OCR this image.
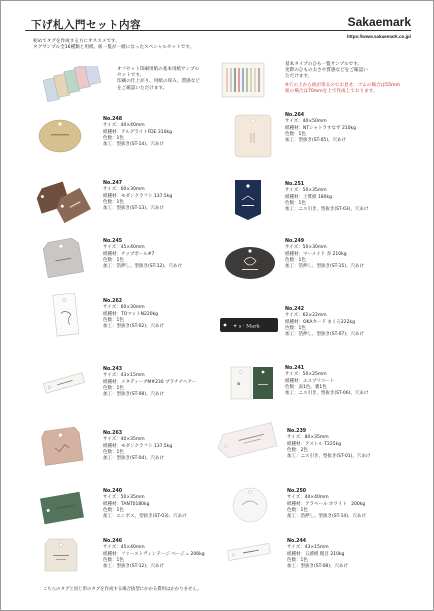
下げ札入門セット内容	Sakaemark
https://www.sakaemark.co.jp/
初めてタグを作成する方にオススメです。
タグサンプル全16種類と用紙、紐一覧が一緒になったスペシャルセットです。
オフセット印刷用紙の基本用紙サンプル
セットです。
印刷の仕上がり、用紙の厚み、質感など
をご確認いただけます。
基本タイプのひも一覧サンプルです。
実際のひもの太さや質感などをご確認い
ただけます。
※穴の上から紐が余るのでお見せ、ゴムの場合は55mm
紐の場合は70mmを上で作成しております。
No.248
サイズ：40×40mm
紙種材：アルグライトFDE 310kg
色数：1色
加工：型抜き(ST-14)、穴あけ
No.264
サイズ：40×50mm
紙種材：NTシャトラすなず 210kg
色数：1色
加工：型抜き(ST-05)、穴あけ
No.247
サイズ：60×30mm
紙種材：モダンクラフト 137.5kg
色数：1色
加工：型抜き(ST-13)、穴あけ
No.251
サイズ：50×35mm
紙種材：上質紙 180kg
色数：1色
加工：ニス引き、型抜き(ST-03)、穴あけ
No.245
サイズ：45×40mm
紙種材：チップボール#7
色数：1色
加工：箔押し、型抜き(ST-12)、穴あけ
No.249
サイズ：50×30mm
紙種材：マーメイド 赤 210kg
色数：1色
加工：箔押し、型抜き(ST-15)、穴あけ
No.262
サイズ：60×30mm
紙種材：TOマットN220kg
色数：1色
加工：型抜き(ST-02)、穴あけ	✦ ꜱ · Mark
No.242
サイズ：62×22mm
紙種材：OKAカード まくろ222kg
色数：1色
加工：箔押し、型抜き(ST-07)、穴あけ
No.243
サイズ：43×15mm
紙種材：メタディーブM#230 プラチナヘアー
色数：1色
加工：型抜き(ST-08)、穴あけ
✿
No.241
サイズ：50×25mm
紙種材：エスプリコート
色数：表1色、裏1色
加工：ニス引き、型抜き(ST-06)、穴あけ
No.263
サイズ：40×35mm
紙種材：モダンクラフト 137.5kg
色数：1色
加工：型抜き(ST-04)、穴あけ
No.239
サイズ：80×35mm
紙種材：アストル T225kg
色数：2色
加工：ニス引き、型抜き(ST-01)、穴あけ
No.240
サイズ：50×35mm
紙種材：TANT0180kg
色数：1色
加工：エンボス、型抜き(ST-03)、穴あけ
No.250
サイズ：40×40mm
紙種材：アラベール ホワイト　200kg
色数：1色
加工：箔押し、型抜き(ST-14)、穴あけ
No.246
サイズ：45×40mm
紙種材：ファーストヴィンテージ ベージュ 206kg
色数：1色
加工：型抜き(ST-12)、穴あけ
No.244
サイズ：43×15mm
紙種材：五感紙 粗目 210kg
色数：1色
加工：型抜き(ST-08)、穴あけ
こちらのタグと同じ形のタグを作成する場合抜型にかかる費用はかかりません。
